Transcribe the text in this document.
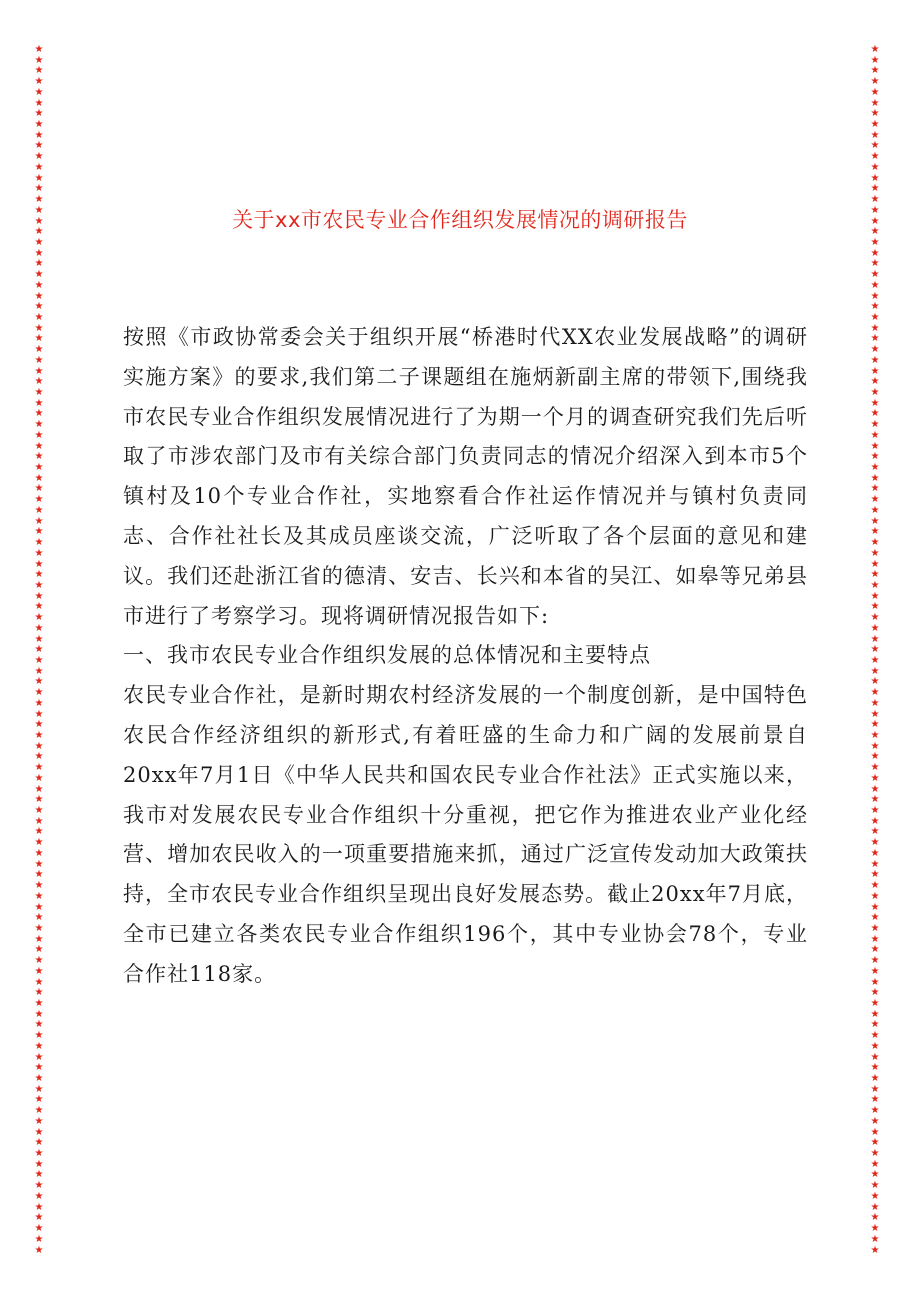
★
★
★
★
★
★
★
★
★
★
★
★
★
★
★
★
★
★
★
★
★
★
★
★
★
★
★
★
★
★
★
★
★
★
★
★
★
★
★
★
★
★
★
★
★
★
★
★
★
★
★
★
★
★
★
★
★
★
★
★
★
★
★
★
★
★
★
★
★
★
★
★
★
★
★
★
★
★
★
★
★
★
★
★
★
★
★
★
★
★
★
★
★
★
★
★
★
★
★
★
★
★
★
★
★
★
★
★
★
★
★
★
★
★
★
★
★
★
★
★
★
★
★
★
★
★
★
★
★
★
★
★
★
★
★
★
★
★
★
★
★
★
★
★
★
★
★
★
★
★
★
★
★
★
★
★
★
★
★
★
★
★
★
★
★
★
★
★
★
★
★
★
★
★
★
★
★
★
★
★
★
★
★
★
★
★
★
★
★
★
★
★
★
★
★
★
★
★
★
★
★
★
★
★
★
★
★
★
★
★
★
★
★
★
★
★
★
★
★
★
★
★
★
★
★
★
关于xx市农民专业合作组织发展情况的调研报告

按照《市政协常委会关于组织开展“桥港时代XX农业发展战略”的调研实施方案》的要求,我们第二子课题组在施炳新副主席的带领下,围绕我市农民专业合作组织发展情况进行了为期一个月的调查研究我们先后听取了市涉农部门及市有关综合部门负责同志的情况介绍深入到本市5个镇村及10个专业合作社，实地察看合作社运作情况并与镇村负责同志、合作社社长及其成员座谈交流，广泛听取了各个层面的意见和建议。我们还赴浙江省的德清、安吉、长兴和本省的吴江、如皋等兄弟县市进行了考察学习。现将调研情况报告如下:

一、我市农民专业合作组织发展的总体情况和主要特点

农民专业合作社，是新时期农村经济发展的一个制度创新，是中国特色农民合作经济组织的新形式,有着旺盛的生命力和广阔的发展前景自20xx年7月1日《中华人民共和国农民专业合作社法》正式实施以来，我市对发展农民专业合作组织十分重视，把它作为推进农业产业化经营、增加农民收入的一项重要措施来抓，通过广泛宣传发动加大政策扶持，全市农民专业合作组织呈现出良好发展态势。截止20xx年7月底，全市已建立各类农民专业合作组织196个，其中专业协会78个，专业合作社118家。
